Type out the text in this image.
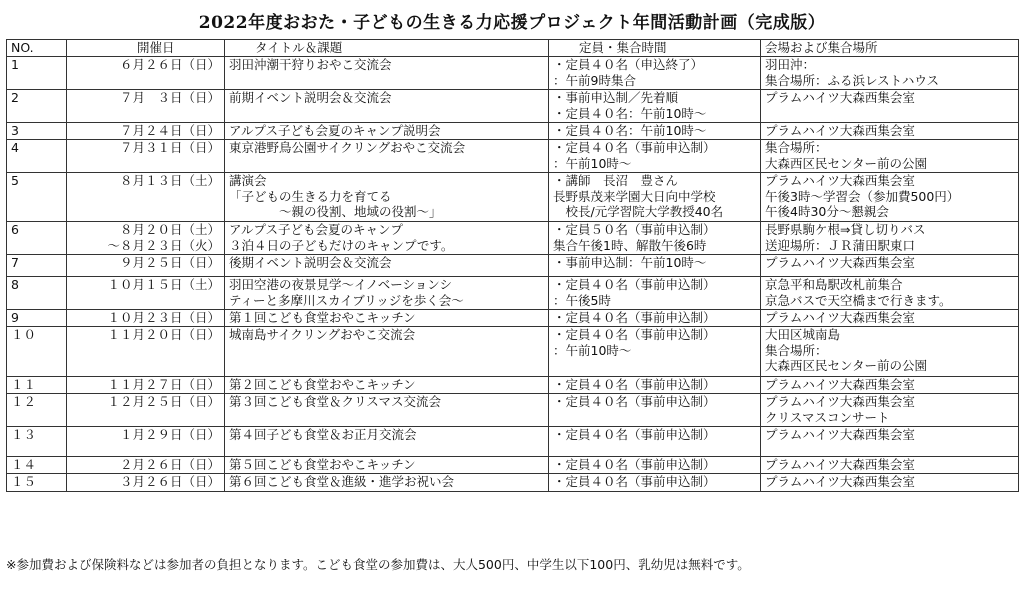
2022年度おおた・子どもの生きる力応援プロジェクト年間活動計画（完成版）
NO.	開催日	タイトル＆課題	定員・集合時間	会場および集合場所
1	６月２６日（日）	羽田沖潮干狩りおやこ交流会	・定員４０名（申込終了）
：午前9時集合	羽田沖：
集合場所：ふる浜レストハウス

2	７月　３日（日）	前期イベント説明会＆交流会	・事前申込制／先着順
・定員４０名：午前10時～	プラムハイツ大森西集会室

3	７月２４日（日）	アルプス子ども会夏のキャンプ説明会	・定員４０名：午前10時～	プラムハイツ大森西集会室

4	７月３１日（日）	東京港野鳥公園サイクリングおやこ交流会	・定員４０名（事前申込制）
：午前10時～	集合場所：
大森西区民センター前の公園

5	８月１３日（土）	講演会
「子どもの生きる力を育てる
　　　　～親の役割、地域の役割～」	・講師　長沼　豊さん
長野県茂来学園大日向中学校
　校長/元学習院大学教授40名	プラムハイツ大森西集会室
午後3時～学習会（参加費500円）
午後4時30分～懇親会

6	８月２０日（土）
～８月２３日（火）	アルプス子ども会夏のキャンプ
３泊４日の子どもだけのキャンプです。	・定員５０名（事前申込制）
集合午後1時、解散午後6時	長野県駒ケ根⇒貸し切りバス
送迎場所：ＪＲ蒲田駅東口

7	９月２５日（日）	後期イベント説明会＆交流会	・事前申込制：午前10時～	プラムハイツ大森西集会室

8	１０月１５日（土）	羽田空港の夜景見学～イノベーションシ
ティーと多摩川スカイブリッジを歩く会～	・定員４０名（事前申込制）
：午後5時	京急平和島駅改札前集合
京急バスで天空橋まで行きます。

9	１０月２３日（日）	第１回こども食堂おやこキッチン	・定員４０名（事前申込制）	プラムハイツ大森西集会室

１０	１１月２０日（日）	城南島サイクリングおやこ交流会	・定員４０名（事前申込制）
：午前10時～	大田区城南島
集合場所：
大森西区民センター前の公園

１１	１１月２７日（日）	第２回こども食堂おやこキッチン	・定員４０名（事前申込制）	プラムハイツ大森西集会室

１２	１２月２５日（日）	第３回こども食堂＆クリスマス交流会	・定員４０名（事前申込制）	プラムハイツ大森西集会室
クリスマスコンサート

１３	１月２９日（日）	第４回子ども食堂＆お正月交流会	・定員４０名（事前申込制）	プラムハイツ大森西集会室

１４	２月２６日（日）	第５回こども食堂おやこキッチン	・定員４０名（事前申込制）	プラムハイツ大森西集会室

１５	３月２６日（日）	第６回こども食堂＆進級・進学お祝い会	・定員４０名（事前申込制）	プラムハイツ大森西集会室
※参加費および保険料などは参加者の負担となります。こども食堂の参加費は、大人500円、中学生以下100円、乳幼児は無料です。
